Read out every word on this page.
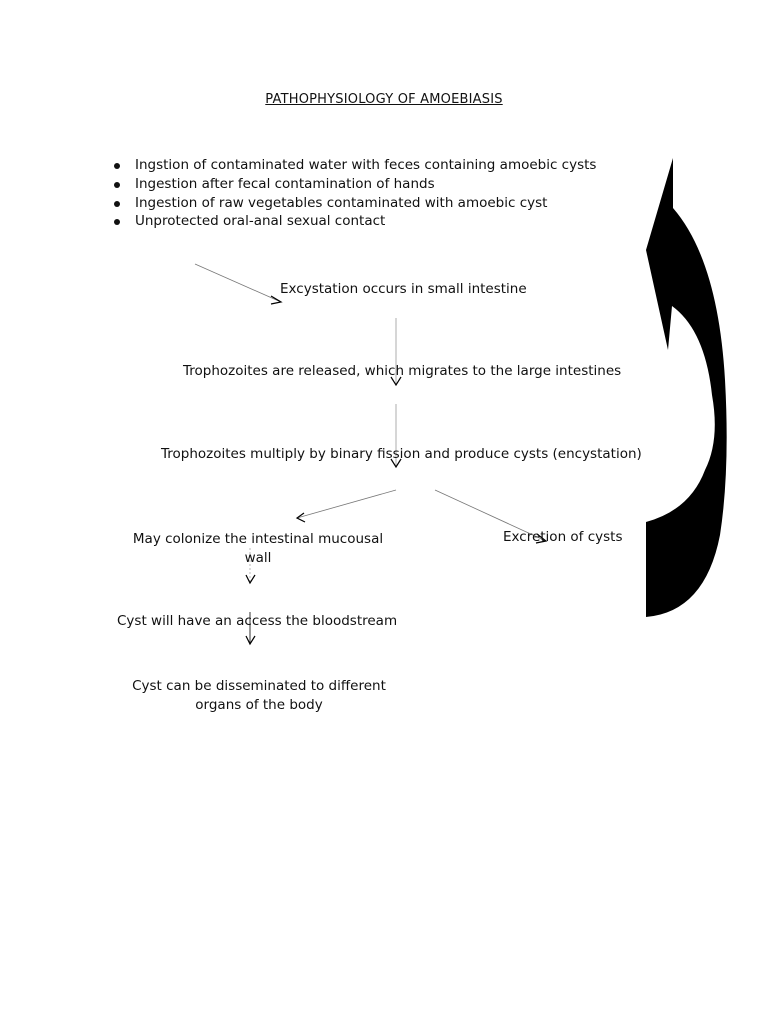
PATHOPHYSIOLOGY OF AMOEBIASIS
Ingstion of contaminated water with feces containing amoebic cysts
Ingestion after fecal contamination of hands
Ingestion of raw vegetables contaminated with amoebic cyst
Unprotected oral-anal sexual contact
Excystation occurs in small intestine
Trophozoites are released, which migrates to the large intestines
Trophozoites multiply by binary fission and produce cysts (encystation)
May colonize the intestinal mucousal wall
Excretion of cysts
Cyst will have an access the bloodstream
Cyst can be disseminated to different organs of the body
